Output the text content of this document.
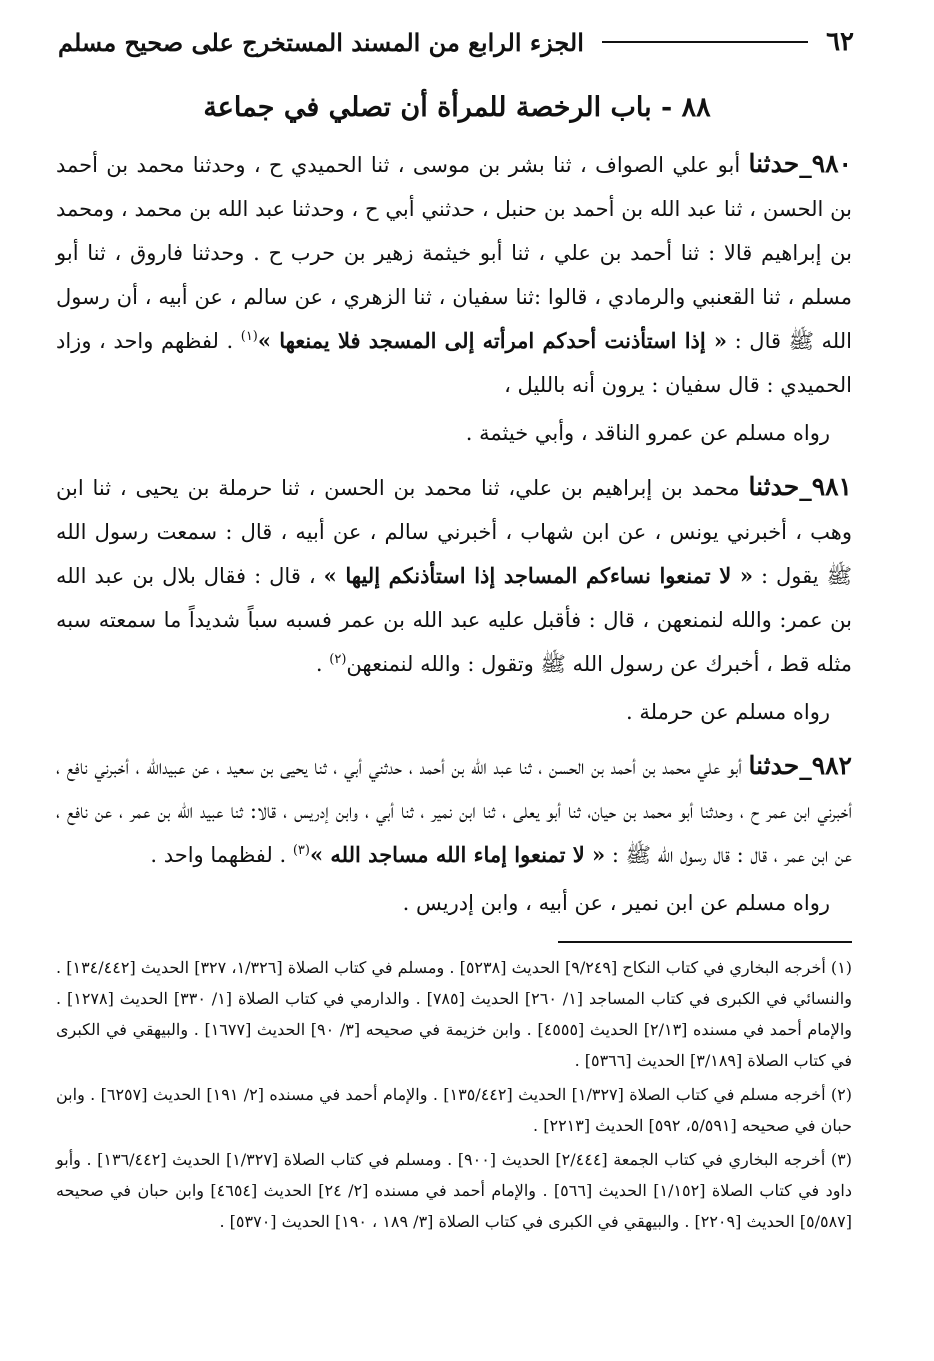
٦٢
الجزء الرابع من المسند المستخرج على صحيح مسلم
٨٨ - باب الرخصة للمرأة أن تصلي في جماعة

٩٨٠_حدثنا أبو علي الصواف ، ثنا بشر بن موسى ، ثنا الحميدي ح ، وحدثنا محمد بن أحمد بن الحسن ، ثنا عبد الله بن أحمد بن حنبل ، حدثني أبي ح ، وحدثنا عبد الله بن محمد ، ومحمد بن إبراهيم قالا : ثنا أحمد بن علي ، ثنا أبو خيثمة زهير بن حرب ح . وحدثنا فاروق ، ثنا أبو مسلم ، ثنا القعنبي والرمادي ، قالوا :ثنا سفيان ، ثنا الزهري ، عن سالم ، عن أبيه ، أن رسول الله ﷺ قال : « إذا استأذنت أحدكم امرأته إلى المسجد فلا يمنعها »$^{(١)}$ . لفظهم واحد ، وزاد الحميدي : قال سفيان : يرون أنه بالليل ،

رواه مسلم عن عمرو الناقد ، وأبي خيثمة .

٩٨١_حدثنا محمد بن إبراهيم بن علي، ثنا محمد بن الحسن ، ثنا حرملة بن يحيى ، ثنا ابن وهب ، أخبرني يونس ، عن ابن شهاب ، أخبرني سالم ، عن أبيه ، قال : سمعت رسول الله ﷺ يقول : « لا تمنعوا نساءكم المساجد إذا استأذنكم إليها » ، قال : فقال بلال بن عبد الله بن عمر: والله لنمنعهن ، قال : فأقبل عليه عبد الله بن عمر فسبه سباً شديداً ما سمعته سبه مثله قط ، أخبرك عن رسول الله ﷺ وتقول : والله لنمنعهن$^{(٢)}$ .

رواه مسلم عن حرملة .

٩٨٢_حدثنا أبو علي محمد بن أحمد بن الحسن ، ثنا عبد الله بن أحمد ، حدثني أبي ، ثنا يحيى بن سعيد ، عن عبيدالله ، أخبرني نافع ، أخبرني ابن عمر ح ، وحدثنا أبو محمد بن حيان، ثنا أبو يعلى ، ثنا ابن نمير ، ثنا أبي ، وابن إدريس ، قالا: ثنا عبيد الله بن عمر ، عن نافع ، عن ابن عمر ، قال : قال رسول الله ﷺ : « لا تمنعوا إماء الله مساجد الله »$^{(٣)}$ . لفظهما واحد .

رواه مسلم عن ابن نمير ، عن أبيه ، وابن إدريس .

(١) أخرجه البخاري في كتاب النكاح [٩/٢٤٩] الحديث [٥٢٣٨] . ومسلم في كتاب الصلاة [١/٣٢٦، ٣٢٧] الحديث [١٣٤/٤٤٢] . والنسائي في الكبرى في كتاب المساجد [١/ ٢٦٠] الحديث [٧٨٥] . والدارمي في كتاب الصلاة [١/ ٣٣٠] الحديث [١٢٧٨] . والإمام أحمد في مسنده [٢/١٣] الحديث [٤٥٥٥] . وابن خزيمة في صحيحه [٣/ ٩٠] الحديث [١٦٧٧] . والبيهقي في الكبرى في كتاب الصلاة [٣/١٨٩] الحديث [٥٣٦٦] .

(٢) أخرجه مسلم في كتاب الصلاة [١/٣٢٧] الحديث [١٣٥/٤٤٢] . والإمام أحمد في مسنده [٢/ ١٩١] الحديث [٦٢٥٧] . وابن حبان في صحيحه [٥/٥٩١، ٥٩٢] الحديث [٢٢١٣] .

(٣) أخرجه البخاري في كتاب الجمعة [٢/٤٤٤] الحديث [٩٠٠] . ومسلم في كتاب الصلاة [١/٣٢٧] الحديث [١٣٦/٤٤٢] . وأبو داود في كتاب الصلاة [١/١٥٢] الحديث [٥٦٦] . والإمام أحمد في مسنده [٢/ ٢٤] الحديث [٤٦٥٤] وابن حبان في صحيحه [٥/٥٨٧] الحديث [٢٢٠٩] . والبيهقي في الكبرى في كتاب الصلاة [٣/ ١٨٩ ، ١٩٠] الحديث [٥٣٧٠] .
